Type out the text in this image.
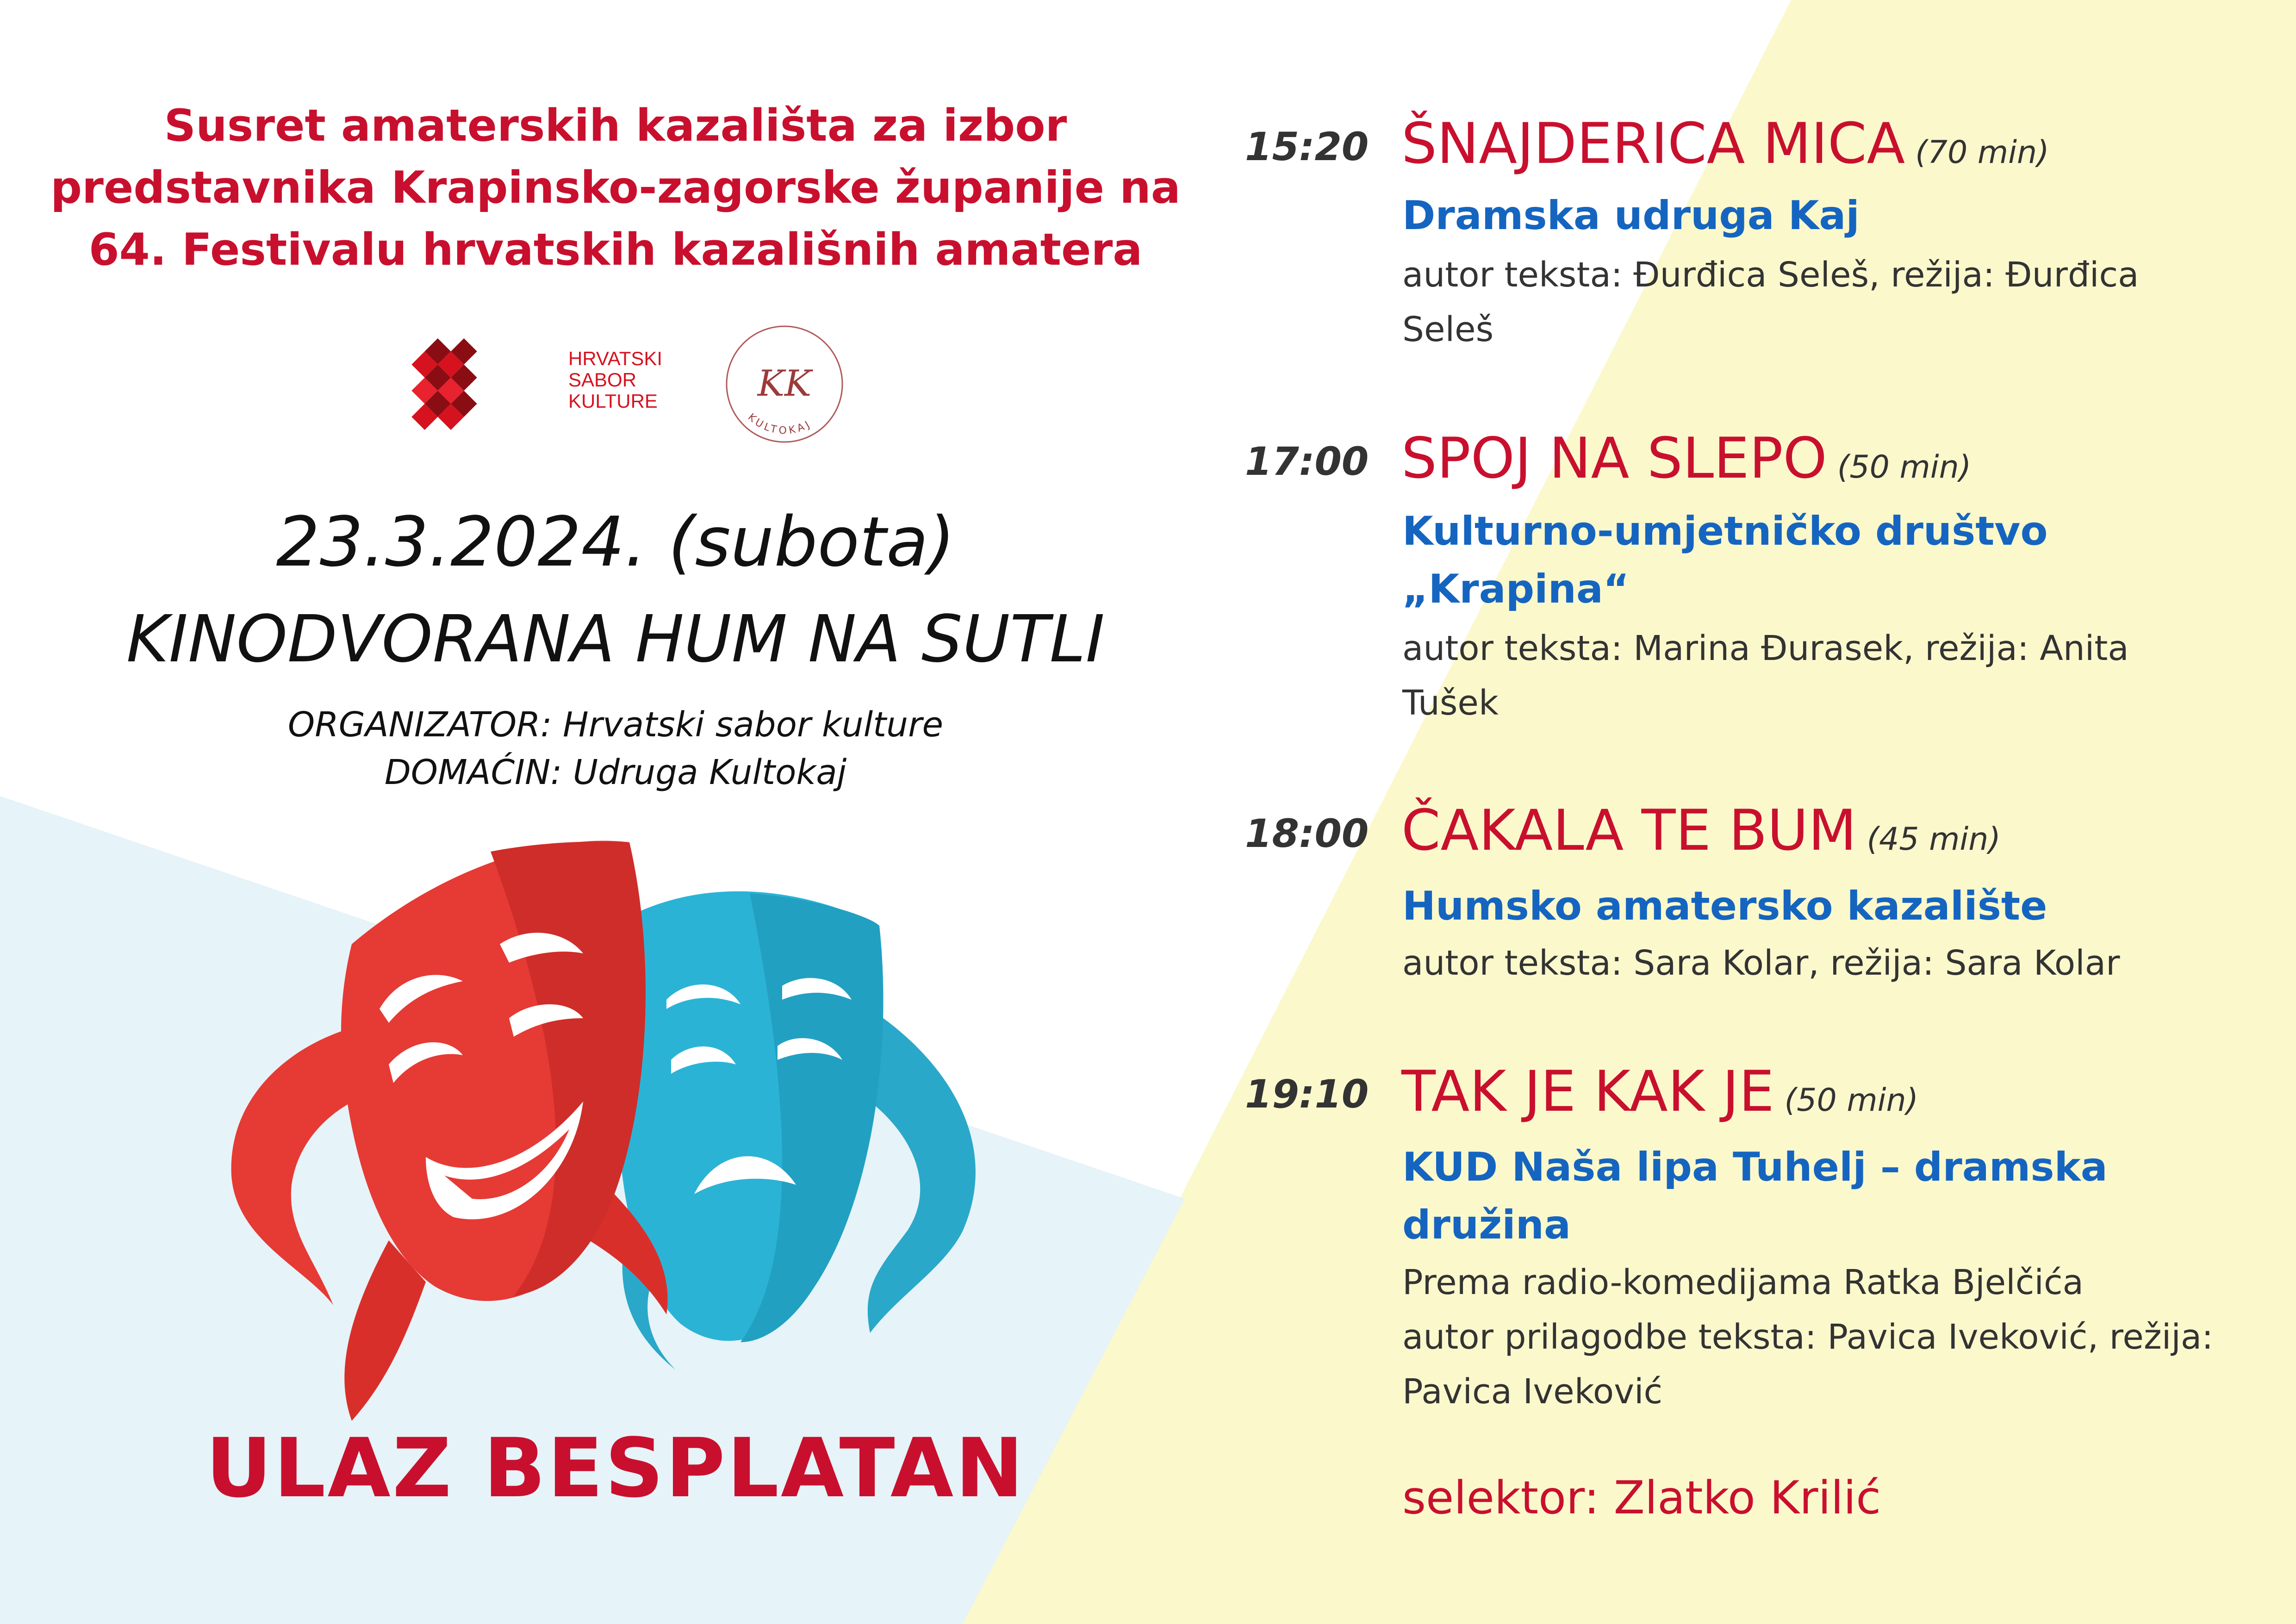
Susret amaterskih kazališta za izbor
predstavnika Krapinsko-zagorske županije na
64. Festivalu hrvatskih kazališnih amatera
HRVATSKI
SABOR
KULTURE	KK
KULTOKAJ
23.3.2024. (subota)
KINODVORANA HUM NA SUTLI
ORGANIZATOR: Hrvatski sabor kulture
DOMAĆIN: Udruga Kultokaj
ULAZ BESPLATAN
15:20 ŠNAJDERICA MICA (70 min)
Dramska udruga Kaj
autor teksta: Đurđica Seleš, režija: Đurđica
Seleš
17:00 SPOJ NA SLEPO (50 min)
Kulturno-umjetničko društvo
„Krapina“
autor teksta: Marina Đurasek, režija: Anita
Tušek
18:00 ČAKALA TE BUM (45 min)
Humsko amatersko kazalište
autor teksta: Sara Kolar, režija: Sara Kolar
19:10 TAK JE KAK JE (50 min)
KUD Naša lipa Tuhelj – dramska
družina
Prema radio-komedijama Ratka Bjelčića
autor prilagodbe teksta: Pavica Iveković, režija:
Pavica Iveković
selektor: Zlatko Krilić
